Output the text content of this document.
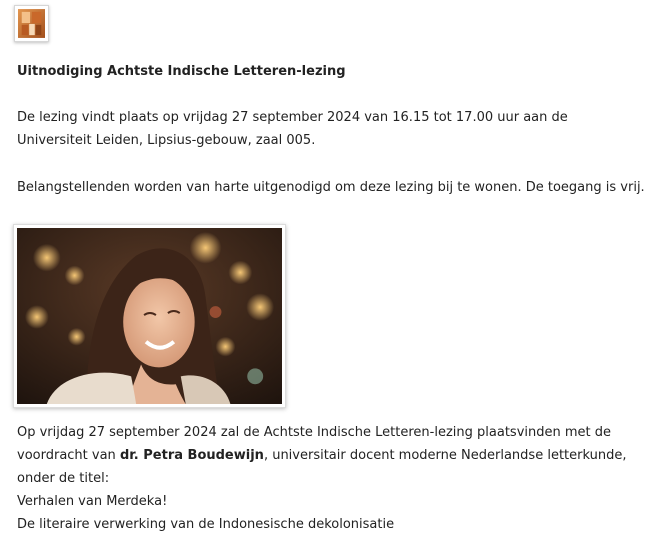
Uitnodiging Achtste Indische Letteren-lezing
De lezing vindt plaats op vrijdag 27 september 2024 van 16.15 tot 17.00 uur aan de
Universiteit Leiden, Lipsius-gebouw, zaal 005.
Belangstellenden worden van harte uitgenodigd om deze lezing bij te wonen. De toegang is vrij.
Op vrijdag 27 september 2024 zal de Achtste Indische Letteren-lezing plaatsvinden met de
voordracht van dr. Petra Boudewijn, universitair docent moderne Nederlandse letterkunde,
onder de titel:
Verhalen van Merdeka!
De literaire verwerking van de Indonesische dekolonisatie
